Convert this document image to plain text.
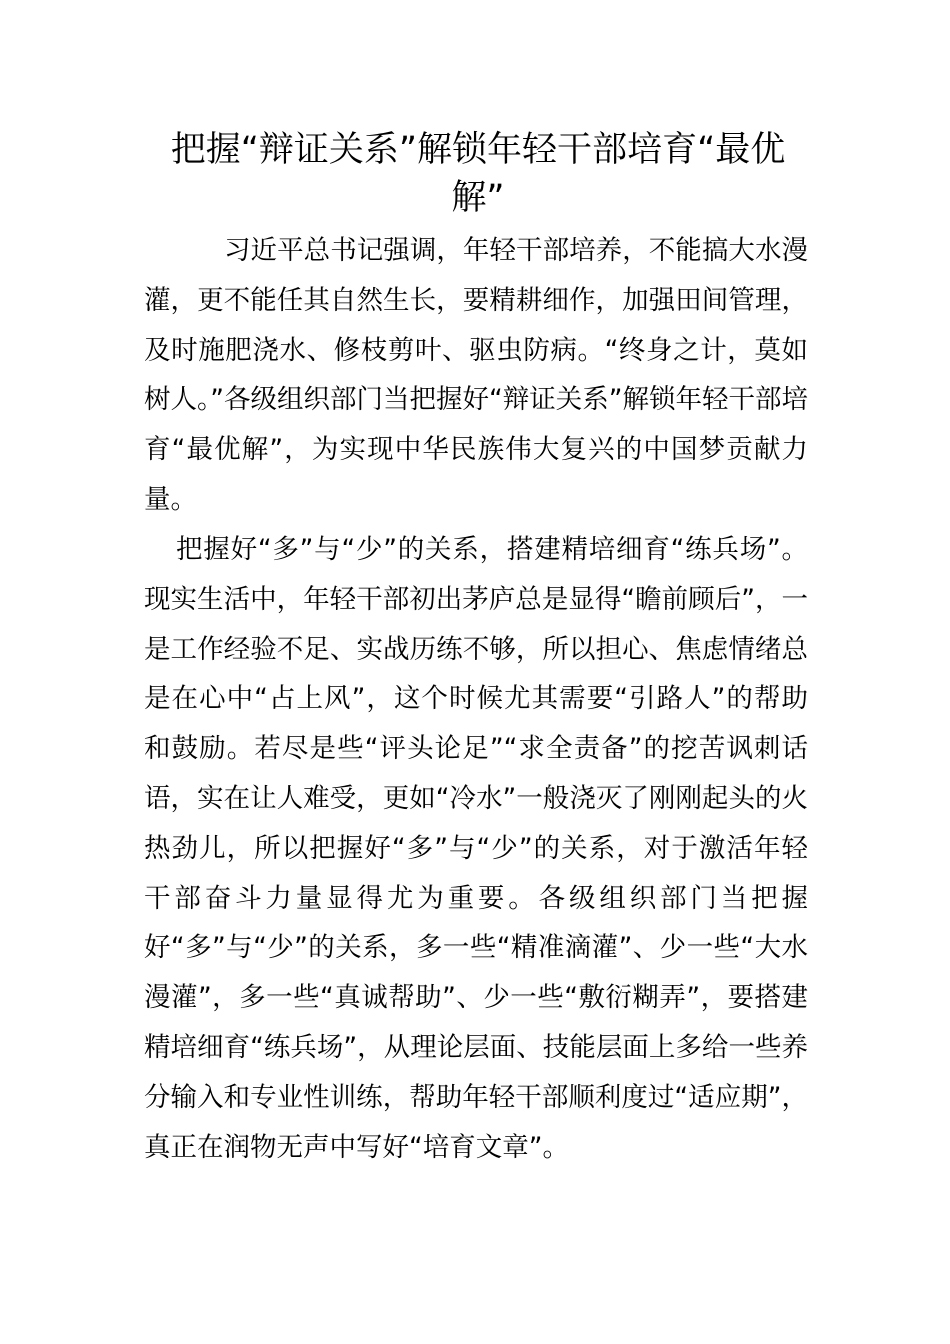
把握“辩证关系”解锁年轻干部培育“最优解”

习近平总书记强调，年轻干部培养，不能搞大水漫灌，更不能任其自然生长，要精耕细作，加强田间管理，及时施肥浇水、修枝剪叶、驱虫防病。“终身之计，莫如树人。”各级组织部门当把握好“辩证关系”解锁年轻干部培育“最优解”，为实现中华民族伟大复兴的中国梦贡献力量。

把握好“多”与“少”的关系，搭建精培细育“练兵场”。现实生活中，年轻干部初出茅庐总是显得“瞻前顾后”，一是工作经验不足、实战历练不够，所以担心、焦虑情绪总是在心中“占上风”，这个时候尤其需要“引路人”的帮助和鼓励。若尽是些“评头论足”“求全责备”的挖苦讽刺话语，实在让人难受，更如“冷水”一般浇灭了刚刚起头的火热劲儿，所以把握好“多”与“少”的关系，对于激活年轻干部奋斗力量显得尤为重要。各级组织部门当把握好“多”与“少”的关系，多一些“精准滴灌”、少一些“大水漫灌”，多一些“真诚帮助”、少一些“敷衍糊弄”，要搭建精培细育“练兵场”，从理论层面、技能层面上多给一些养分输入和专业性训练，帮助年轻干部顺利度过“适应期”，真正在润物无声中写好“培育文章”。
